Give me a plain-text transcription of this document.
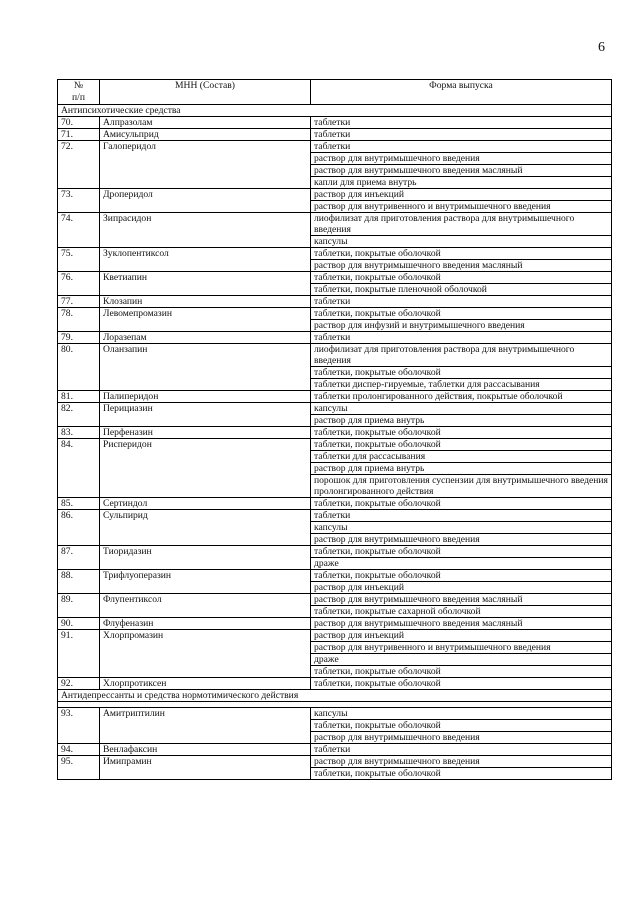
6
№
п/п	МНН (Состав)	Форма выпуска
Антипсихотические средства		
70.	Алпразолам	таблетки
71.	Амисульприд	таблетки
72.	Галоперидол	таблетки
		раствор для внутримышечного введения
		раствор для внутримышечного введения масляный
		капли для приема внутрь
73.	Дроперидол	раствор для инъекций
		раствор для внутривенного и внутримышечного введения
74.	Зипрасидон	лиофилизат для приготовления раствора для внутримышечного введения
		капсулы
75.	Зуклопентиксол	таблетки, покрытые оболочкой
		раствор для внутримышечного введения масляный
76.	Кветиапин	таблетки, покрытые оболочкой
		таблетки, покрытые пленочной оболочкой
77.	Клозапин	таблетки
78.	Левомепромазин	таблетки, покрытые оболочкой
		раствор для инфузий и внутримышечного введения
79.	Лоразепам	таблетки
80.	Оланзапин	лиофилизат для приготовления раствора для внутримышечного введения
		таблетки, покрытые оболочкой
		таблетки диспер-гируемые, таблетки для рассасывания
81.	Палиперидон	таблетки пролонгированного действия, покрытые оболочкой
82.	Перициазин	капсулы
		раствор для приема внутрь
83.	Перфеназин	таблетки, покрытые оболочкой
84.	Рисперидон	таблетки, покрытые оболочкой
		таблетки для рассасывания
		раствор для приема внутрь
		порошок для приготовления суспензии для внутримышечного введения пролонгированного действия
85.	Сертиндол	таблетки, покрытые оболочкой
86.	Сульпирид	таблетки
		капсулы
		раствор для внутримышечного введения
87.	Тиоридазин	таблетки, покрытые оболочкой
		драже
88.	Трифлуоперазин	таблетки, покрытые оболочкой
		раствор для инъекций
89.	Флупентиксол	раствор для внутримышечного введения масляный
		таблетки, покрытые сахарной оболочкой
90.	Флуфеназин	раствор для внутримышечного введения масляный
91.	Хлорпромазин	раствор для инъекций
		раствор для внутривенного и внутримышечного введения
		драже
		таблетки, покрытые оболочкой
92.	Хлорпротиксен	таблетки, покрытые оболочкой
Антидепрессанты и средства нормотимического действия		

93.	Амитриптилин	капсулы
		таблетки, покрытые оболочкой
		раствор для внутримышечного введения
94.	Венлафаксин	таблетки
95.	Имипрамин	раствор для внутримышечного введения
		таблетки, покрытые оболочкой
